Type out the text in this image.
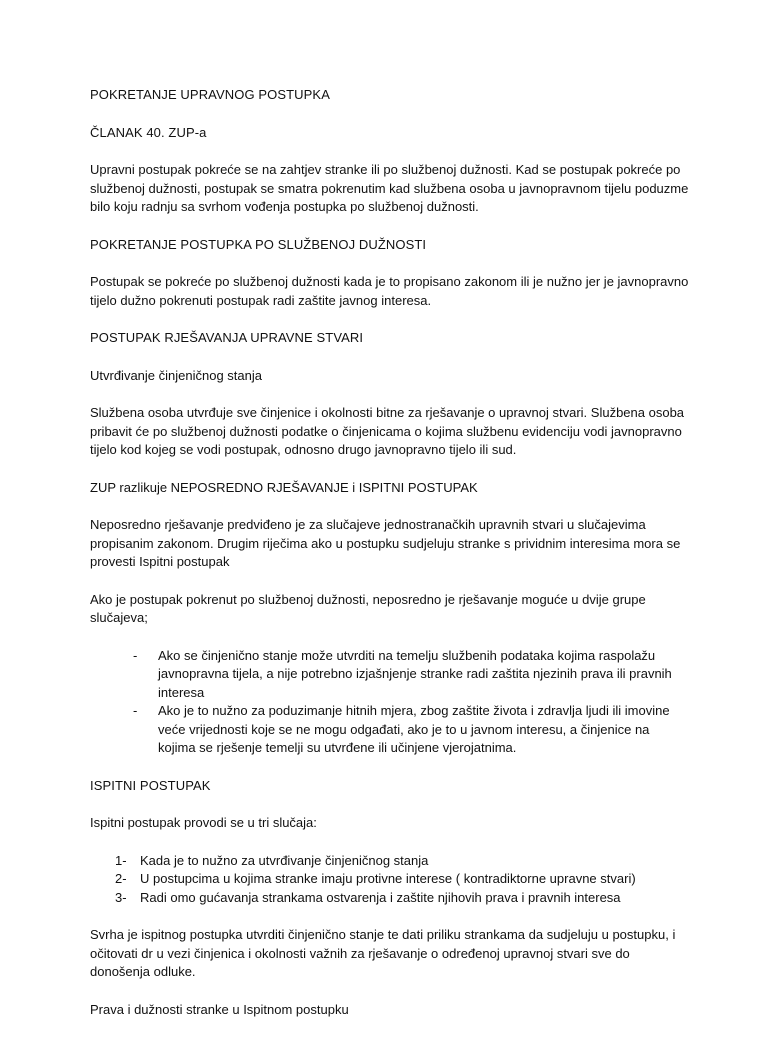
POKRETANJE UPRAVNOG POSTUPKA
ČLANAK 40. ZUP-a
Upravni postupak pokreće se na zahtjev stranke ili po službenoj dužnosti. Kad se postupak pokreće po službenoj dužnosti, postupak se smatra pokrenutim kad službena osoba u javnopravnom tijelu poduzme bilo koju radnju sa svrhom vođenja postupka po službenoj dužnosti.
POKRETANJE POSTUPKA PO SLUŽBENOJ DUŽNOSTI
Postupak se pokreće po službenoj dužnosti kada je to propisano zakonom ili je nužno jer je javnopravno tijelo dužno pokrenuti postupak radi zaštite javnog interesa.
POSTUPAK RJEŠAVANJA UPRAVNE STVARI
Utvrđivanje činjeničnog stanja
Službena osoba utvrđuje sve činjenice i okolnosti bitne za rješavanje o upravnoj stvari. Službena osoba pribavit će po službenoj dužnosti podatke o činjenicama o kojima službenu evidenciju vodi javnopravno tijelo kod kojeg se vodi postupak, odnosno drugo javnopravno tijelo ili sud.
ZUP razlikuje NEPOSREDNO RJEŠAVANJE i ISPITNI POSTUPAK
Neposredno rješavanje predviđeno je za slučajeve jednostranačkih upravnih stvari u slučajevima propisanim zakonom. Drugim riječima ako u postupku sudjeluju stranke s prividnim interesima mora se provesti Ispitni postupak
Ako je postupak pokrenut po službenoj dužnosti, neposredno je rješavanje moguće u dvije grupe slučajeva;
- Ako se činjenično stanje može utvrditi na temelju službenih podataka kojima raspolažu javnopravna tijela, a nije potrebno izjašnjenje stranke radi zaštita njezinih prava ili pravnih interesa
- Ako je to nužno za poduzimanje hitnih mjera, zbog zaštite života i zdravlja ljudi ili imovine veće vrijednosti koje se ne mogu odgađati, ako je to u javnom interesu, a činjenice na kojima se rješenje temelji su utvrđene ili učinjene vjerojatnima.
ISPITNI POSTUPAK
Ispitni postupak provodi se u tri slučaja:
1- Kada je to nužno za utvrđivanje činjeničnog stanja
2- U postupcima u kojima stranke imaju protivne interese ( kontradiktorne upravne stvari)
3- Radi omo gućavanja strankama ostvarenja i zaštite njihovih prava i pravnih interesa
Svrha je ispitnog postupka utvrditi činjenično stanje te dati priliku strankama da sudjeluju u postupku, i očitovati dr u vezi činjenica i okolnosti važnih za rješavanje o određenoj upravnoj stvari sve do donošenja odluke.
Prava i dužnosti stranke u Ispitnom postupku
